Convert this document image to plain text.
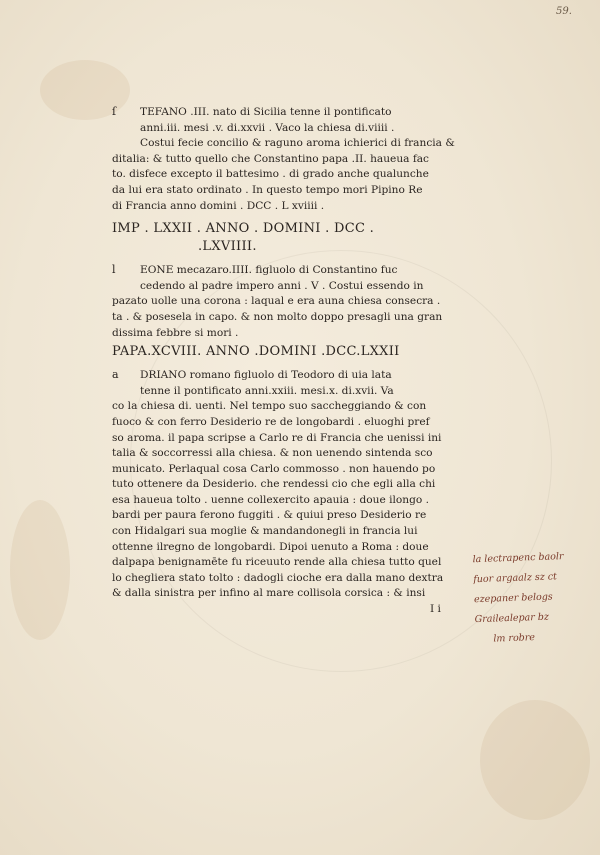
59.
ſ TEFANO .III. nato di Sicilia tenne il pontificato
anni.iii. mesi .v. di.xxvii . Vaco la chiesa di.viiii .
Costui fecie concilio & raguno aroma ichierici di francia &
ditalia: & tutto quello che Constantino papa .II. haueua fac
to. disfece excepto il battesimo . di grado anche qualunche
da lui era stato ordinato . In questo tempo mori Pipino Re
di Francia anno domini . DCC . L xviiii .
IMP . LXXII . ANNO . DOMINI . DCC .
.LXVIIII.
l EONE mecazaro.IIII. figluolo di Constantino fuc
cedendo al padre impero anni . V . Costui essendo in
pazato uolle una corona : laqual e era auna chiesa consecra .
ta . & posesela in capo. & non molto doppo presagli una gran
dissima febbre si mori .
PAPA.XCVIII. ANNO .DOMINI .DCC.LXXII
a DRIANO romano figluolo di Teodoro di uia lata
tenne il pontificato anni.xxiii. mesi.x. di.xvii. Va
co la chiesa di. uenti. Nel tempo suo saccheggiando & con
fuoco & con ferro Desiderio re de longobardi . eluoghi pref
so aroma. il papa scripse a Carlo re di Francia che uenissi ini
talia & soccorressi alla chiesa. & non uenendo sintenda sco
municato. Perlaqual cosa Carlo commosso . non hauendo po
tuto ottenere da Desiderio. che rendessi cio che egli alla chi
esa haueua tolto . uenne collexercito apauia : doue ilongo .
bardi per paura ferono fuggiti . & quiui preso Desiderio re
con Hidalgari sua moglie & mandandonegli in francia lui
ottenne ilregno de longobardi. Dipoi uenuto a Roma : doue
dalpapa benignamēte fu riceuuto rende alla chiesa tutto quel
lo chegliera stato tolto : dadogli cioche era dalla mano dextra
& dalla sinistra per infino al mare collisola corsica : & insi
I i
la lectrapenc baolr
fuor argaalz sz ct
ezepaner belogs
Grailealepar bz
lm robre
